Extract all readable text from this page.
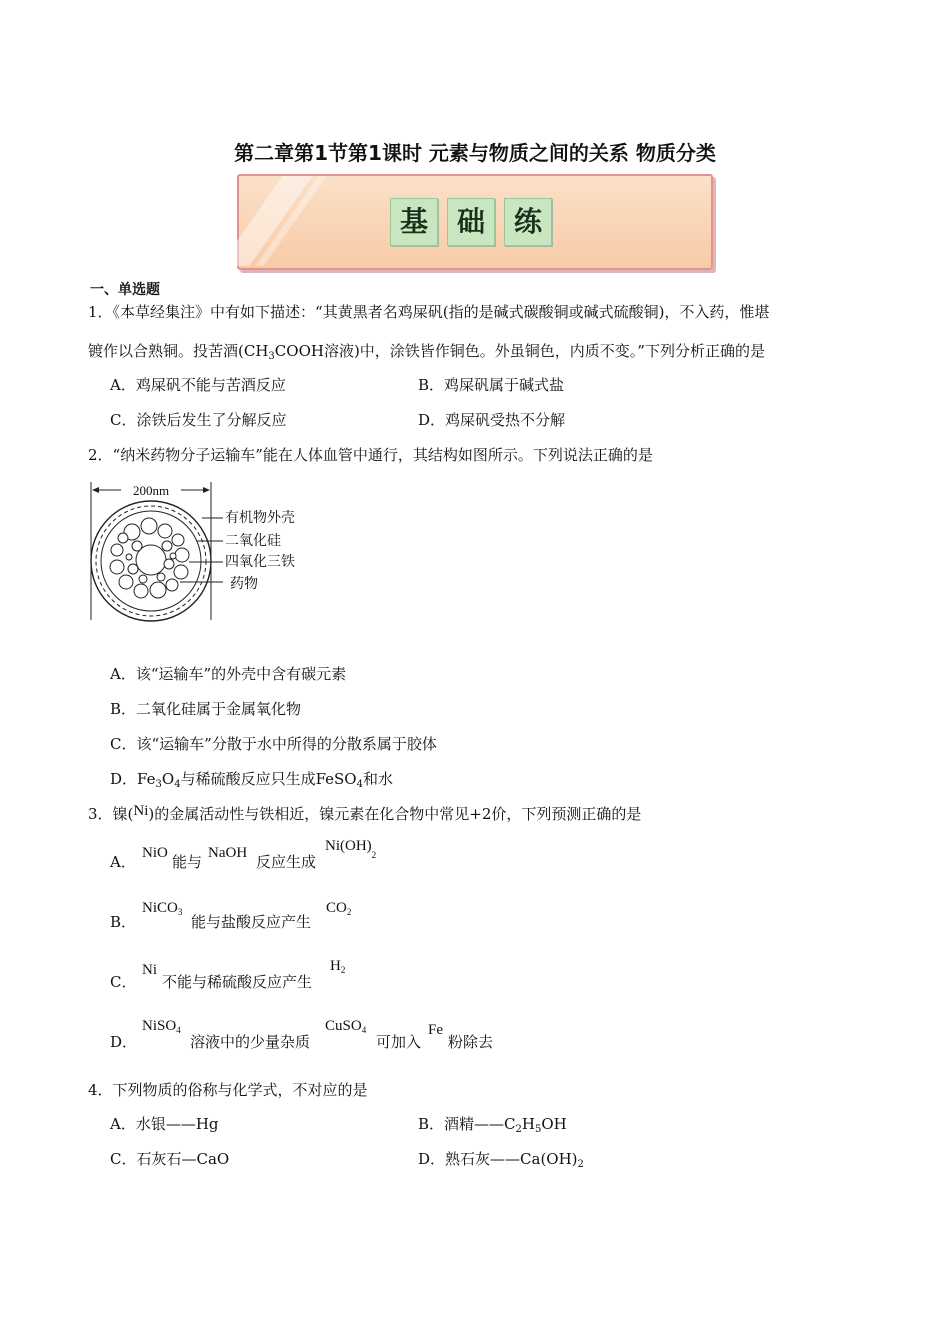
第二章第1节第1课时 元素与物质之间的关系 物质分类
基	础	练
一、单选题
1．《本草经集注》中有如下描述：“其黄黑者名鸡屎矾(指的是碱式碳酸铜或碱式硫酸铜)，不入药，惟堪
镀作以合熟铜。投苦酒($CH_3COOH$溶液)中，涂铁皆作铜色。外虽铜色，内质不变。”下列分析正确的是
A．鸡屎矾不能与苦酒反应	B．鸡屎矾属于碱式盐
C．涂铁后发生了分解反应	D．鸡屎矾受热不分解
2．“纳米药物分子运输车”能在人体血管中通行，其结构如图所示。下列说法正确的是
200nm
有机物外壳
二氧化硅
四氧化三铁
药物
A．该“运输车”的外壳中含有碳元素
B．二氧化硅属于金属氧化物
C．该“运输车”分散于水中所得的分散系属于胶体
D．$Fe_3O_4$与稀硫酸反应只生成FeSO$_4$和水
3．镍(Ni)的金属活动性与铁相近，镍元素在化合物中常见+2价，下列预测正确的是
A． NiO 能与 NaOH 反应生成
$Ni(OH)_2$
B．
NiCO$_3$
能与盐酸反应产生
$CO_2$
C．
Ni
不能与稀硫酸反应产生
$H_2$
D．
NiSO$_4$
溶液中的少量杂质
CuSO$_4$
可加入
Fe
粉除去
4．下列物质的俗称与化学式，不对应的是
A．水银——Hg	B．酒精$——C_2H_5OH$
C．石灰石—CaO	D．熟石灰$——Ca(OH)_2$
